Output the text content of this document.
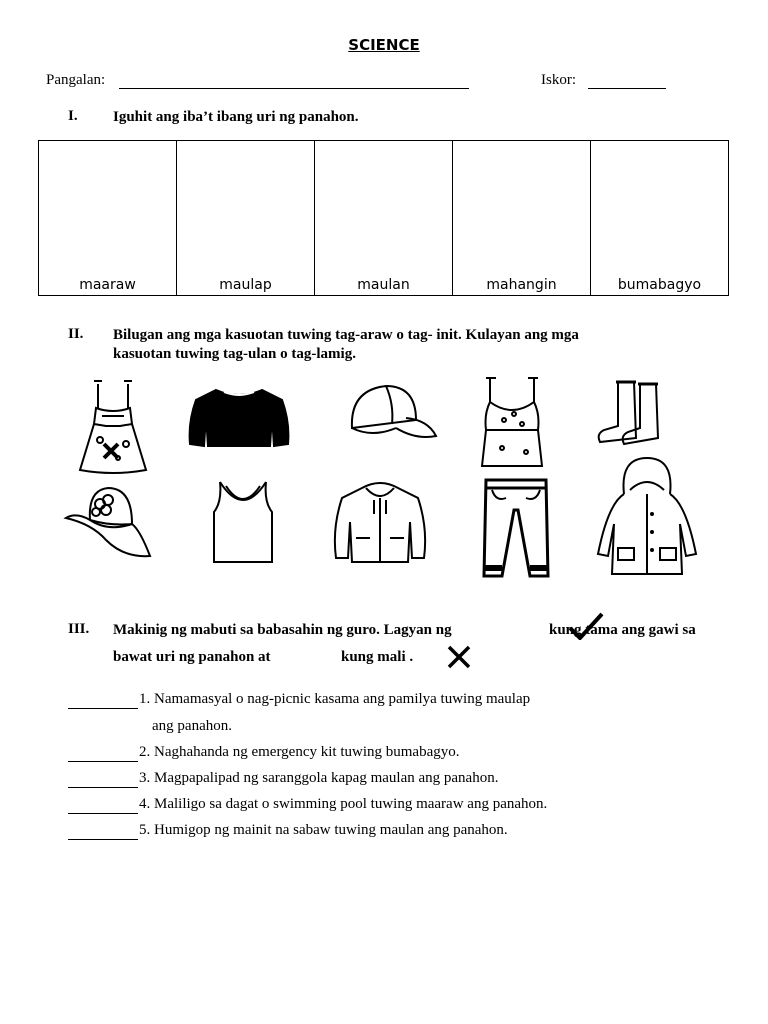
SCIENCE
Pangalan:	Iskor:
I. Iguhit ang iba’t ibang uri ng panahon.
maaraw	maulap	maulan	mahangin	bumabagyo
II. Bilugan ang mga kasuotan tuwing tag-araw o tag- init. Kulayan ang mga
kasuotan tuwing tag-ulan o tag-lamig.
III. Makinig ng mabuti sa babasahin ng guro. Lagyan ng	kung tama ang gawi sa
bawat uri ng panahon at	kung mali .
1. Namamasyal o nag-picnic kasama ang pamilya tuwing maulap
ang panahon.
2. Naghahanda ng emergency kit tuwing bumabagyo.
3. Magpapalipad ng saranggola kapag maulan ang panahon.
4. Maliligo sa dagat o swimming pool tuwing maaraw ang panahon.
5. Humigop ng mainit na sabaw tuwing maulan ang panahon.
